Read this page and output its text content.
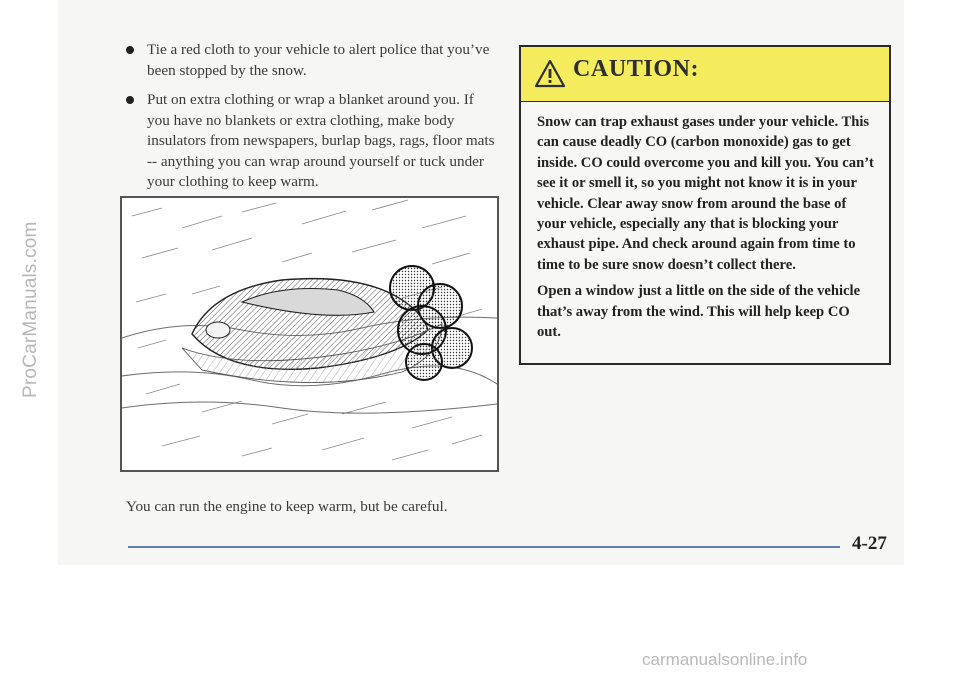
ProCarManuals.com
Tie a red cloth to your vehicle to alert police that you’ve been stopped by the snow.
Put on extra clothing or wrap a blanket around you. If you have no blankets or extra clothing, make body insulators from newspapers, burlap bags, rags, floor mats -- anything you can wrap around yourself or tuck under your clothing to keep warm.
You can run the engine to keep warm, but be careful.
CAUTION:

Snow can trap exhaust gases under your vehicle. This can cause deadly CO (carbon monoxide) gas to get inside. CO could overcome you and kill you. You can’t see it or smell it, so you might not know it is in your vehicle. Clear away snow from around the base of your vehicle, especially any that is blocking your exhaust pipe. And check around again from time to time to be sure snow doesn’t collect there.

Open a window just a little on the side of the vehicle that’s away from the wind. This will help keep CO out.

4-27
carmanualsonline.info
